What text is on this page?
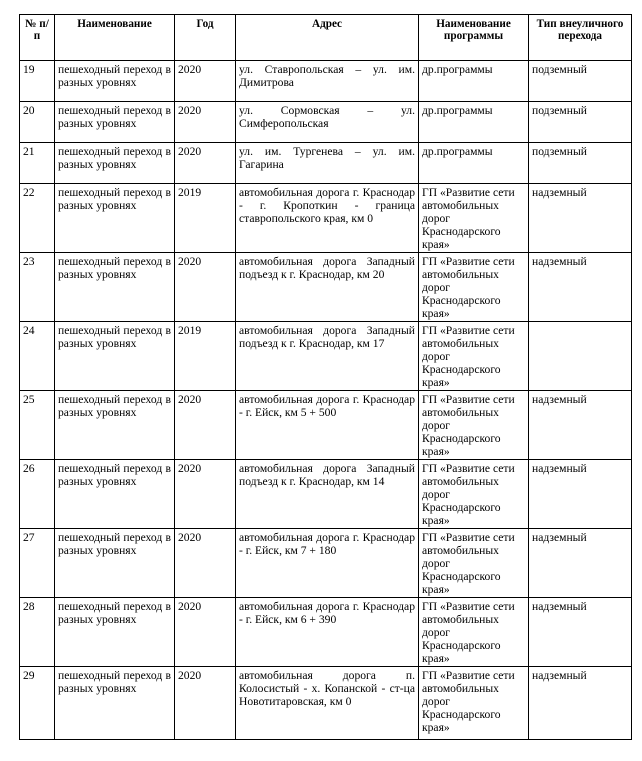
№ п/п	Наименование	Год	Адрес	Наименование программы	Тип внеуличного перехода
19	пешеходный переход в разных уровнях	2020	ул. Ставропольская – ул. им. Димитрова	др.программы	подземный
20	пешеходный переход в разных уровнях	2020	ул. Сормовская – ул. Симферопольская	др.программы	подземный
21	пешеходный переход в разных уровнях	2020	ул. им. Тургенева – ул. им. Гагарина	др.программы	подземный
22	пешеходный переход в разных уровнях	2019	автомобильная дорога г. Краснодар - г. Кропоткин - граница ставропольского края, км 0	ГП «Развитие сети автомобильных дорог Краснодарского края»	надземный
23	пешеходный переход в разных уровнях	2020	автомобильная дорога Западный подъезд к г. Краснодар, км 20	ГП «Развитие сети автомобильных дорог Краснодарского края»	надземный
24	пешеходный переход в разных уровнях	2019	автомобильная дорога Западный подъезд к г. Краснодар, км 17	ГП «Развитие сети автомобильных дорог Краснодарского края»	
25	пешеходный переход в разных уровнях	2020	автомобильная дорога г. Краснодар - г. Ейск, км 5 + 500	ГП «Развитие сети автомобильных дорог Краснодарского края»	надземный
26	пешеходный переход в разных уровнях	2020	автомобильная дорога Западный подъезд к г. Краснодар, км 14	ГП «Развитие сети автомобильных дорог Краснодарского края»	надземный
27	пешеходный переход в разных уровнях	2020	автомобильная дорога г. Краснодар - г. Ейск, км 7 + 180	ГП «Развитие сети автомобильных дорог Краснодарского края»	надземный
28	пешеходный переход в разных уровнях	2020	автомобильная дорога г. Краснодар - г. Ейск, км 6 + 390	ГП «Развитие сети автомобильных дорог Краснодарского края»	надземный
29	пешеходный переход в разных уровнях	2020	автомобильная дорога п. Колосистый - х. Копанской - ст-ца Новотитаровская, км 0	ГП «Развитие сети автомобильных дорог Краснодарского края»	надземный
